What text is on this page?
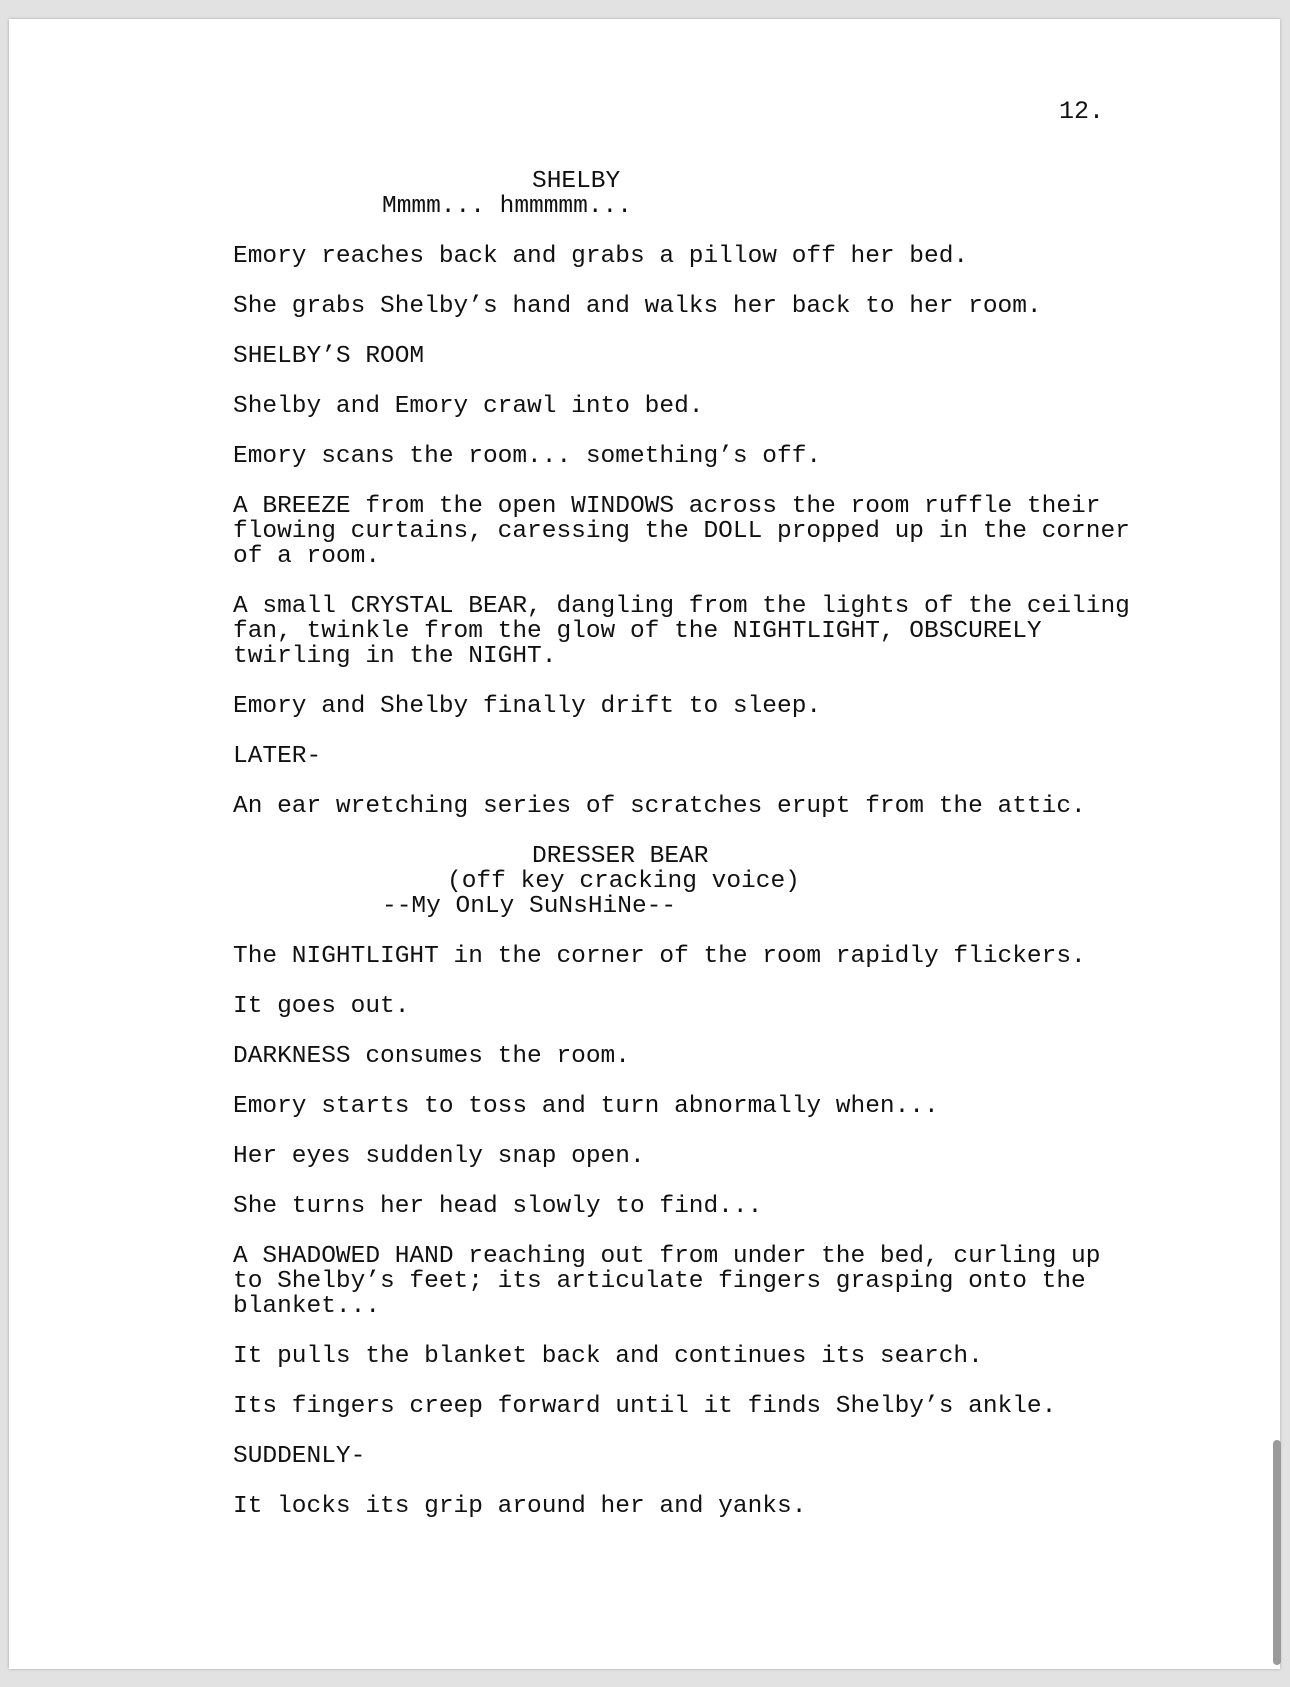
12.
SHELBY
Mmmm... hmmmmm...
Emory reaches back and grabs a pillow off her bed.
She grabs Shelby’s hand and walks her back to her room.
SHELBY’S ROOM
Shelby and Emory crawl into bed.
Emory scans the room... something’s off.
A BREEZE from the open WINDOWS across the room ruffle their
flowing curtains, caressing the DOLL propped up in the corner
of a room.
A small CRYSTAL BEAR, dangling from the lights of the ceiling
fan, twinkle from the glow of the NIGHTLIGHT, OBSCURELY
twirling in the NIGHT.
Emory and Shelby finally drift to sleep.
LATER-
An ear wretching series of scratches erupt from the attic.
DRESSER BEAR
(off key cracking voice)
--My OnLy SuNsHiNe--
The NIGHTLIGHT in the corner of the room rapidly flickers.
It goes out.
DARKNESS consumes the room.
Emory starts to toss and turn abnormally when...
Her eyes suddenly snap open.
She turns her head slowly to find...
A SHADOWED HAND reaching out from under the bed, curling up
to Shelby’s feet; its articulate fingers grasping onto the
blanket...
It pulls the blanket back and continues its search.
Its fingers creep forward until it finds Shelby’s ankle.
SUDDENLY-
It locks its grip around her and yanks.
